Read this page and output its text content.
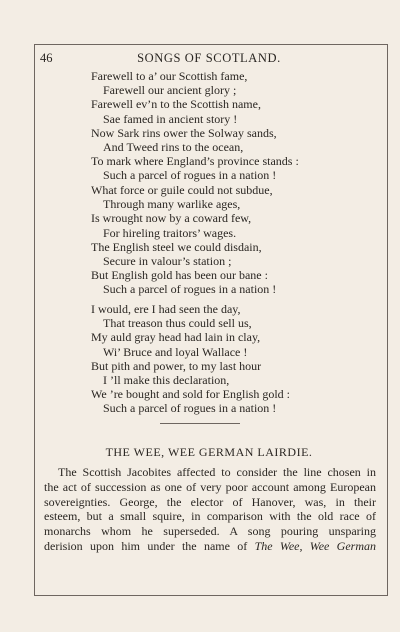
46	SONGS OF SCOTLAND.
Farewell to a’ our Scottish fame,
Farewell our ancient glory ;
Farewell ev’n to the Scottish name,
Sae famed in ancient story !
Now Sark rins ower the Solway sands,
And Tweed rins to the ocean,
To mark where England’s province stands :
Such a parcel of rogues in a nation !
What force or guile could not subdue,
Through many warlike ages,
Is wrought now by a coward few,
For hireling traitors’ wages.
The English steel we could disdain,
Secure in valour’s station ;
But English gold has been our bane :
Such a parcel of rogues in a nation !
I would, ere I had seen the day,
That treason thus could sell us,
My auld gray head had lain in clay,
Wi’ Bruce and loyal Wallace !
But pith and power, to my last hour
I ’ll make this declaration,
We ’re bought and sold for English gold :
Such a parcel of rogues in a nation !
THE WEE, WEE GERMAN LAIRDIE.
The Scottish Jacobites affected to consider the line chosen in
the act of succession as one of very poor account among European
sovereignties. George, the elector of Hanover, was, in their
esteem, but a small squire, in comparison with the old race of
monarchs whom he superseded. A song pouring unsparing
derision upon him under the name of The Wee, Wee German
